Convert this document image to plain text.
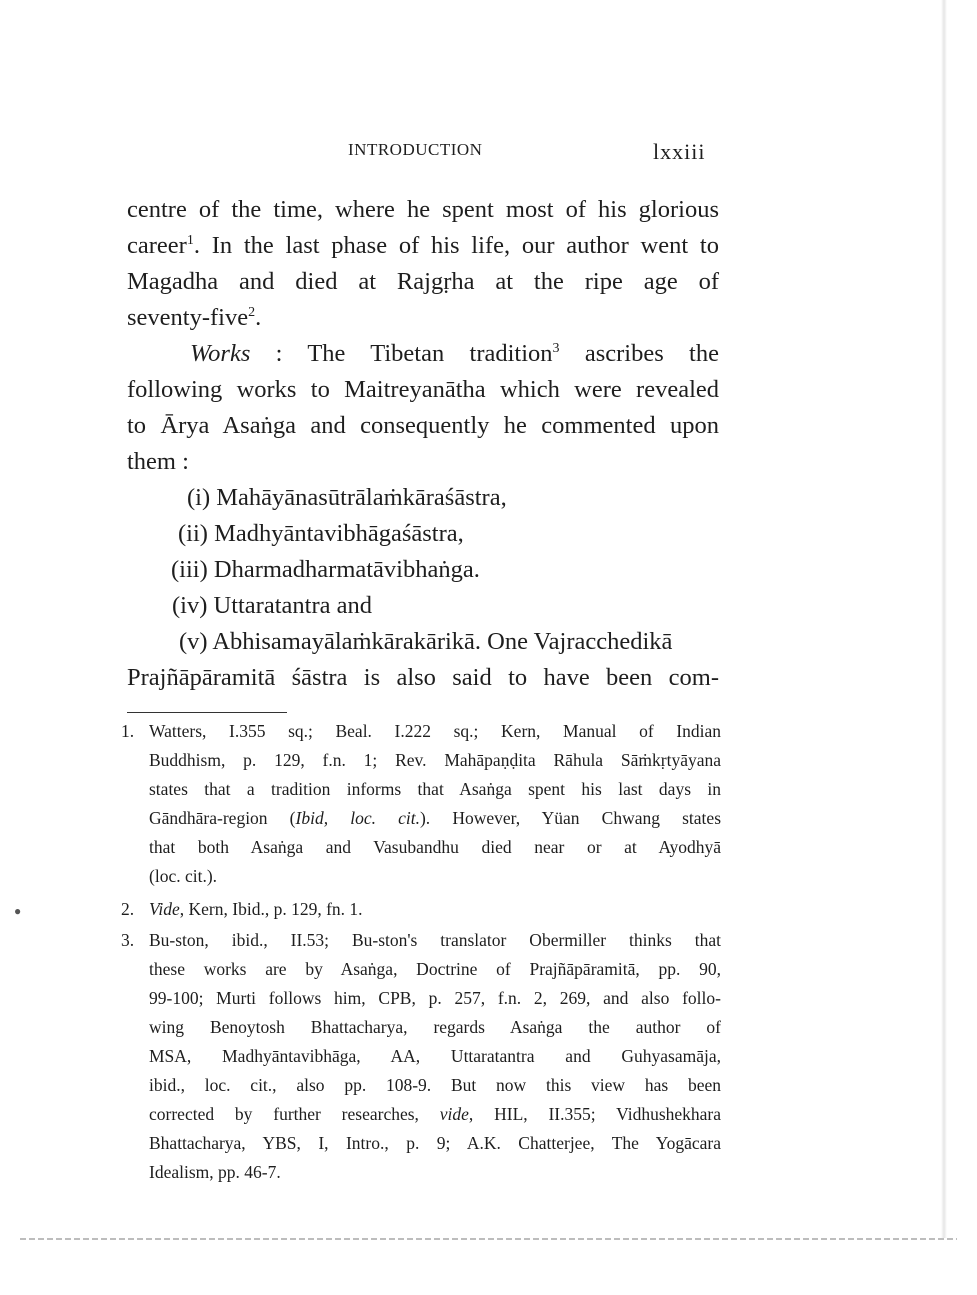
●
INTRODUCTION	lxxiii
centre of the time, where he spent most of his glorious
career$^1$. In the last phase of his life, our author went to
Magadha and died at Rajgṛha at the ripe age of
seventy-five$^2$.
Works : The Tibetan tradition$^3$ ascribes the
following works to Maitreyanātha which were revealed
to Ārya Asaṅga and consequently he commented upon
them :
(i) Mahāyānasūtrālaṁkāraśāstra,
(ii) Madhyāntavibhāgaśāstra,
(iii) Dharmadharmatāvibhaṅga.
(iv) Uttaratantra and
(v) Abhisamayālaṁkārakārikā. One Vajracchedikā
Prajñāpāramitā śāstra is also said to have been com-
1. Watters, I.355 sq.; Beal. I.222 sq.; Kern, Manual of Indian
Buddhism, p. 129, f.n. 1; Rev. Mahāpaṇḍita Rāhula Sāṁkṛtyāyana
states that a tradition informs that Asaṅga spent his last days in
Gāndhāra-region (Ibid, loc. cit.). However, Yüan Chwang states
that both Asaṅga and Vasubandhu died near or at Ayodhyā
(loc. cit.).
2. Vide, Kern, Ibid., p. 129, fn. 1.
3. Bu-ston, ibid., II.53; Bu-ston's translator Obermiller thinks that
these works are by Asaṅga, Doctrine of Prajñāpāramitā, pp. 90,
99-100; Murti follows him, CPB, p. 257, f.n. 2, 269, and also follo-
wing Benoytosh Bhattacharya, regards Asaṅga the author of
MSA, Madhyāntavibhāga, AA, Uttaratantra and Guhyasamāja,
ibid., loc. cit., also pp. 108-9. But now this view has been
corrected by further researches, vide, HIL, II.355; Vidhushekhara
Bhattacharya, YBS, I, Intro., p. 9; A.K. Chatterjee, The Yogācara
Idealism, pp. 46-7.
